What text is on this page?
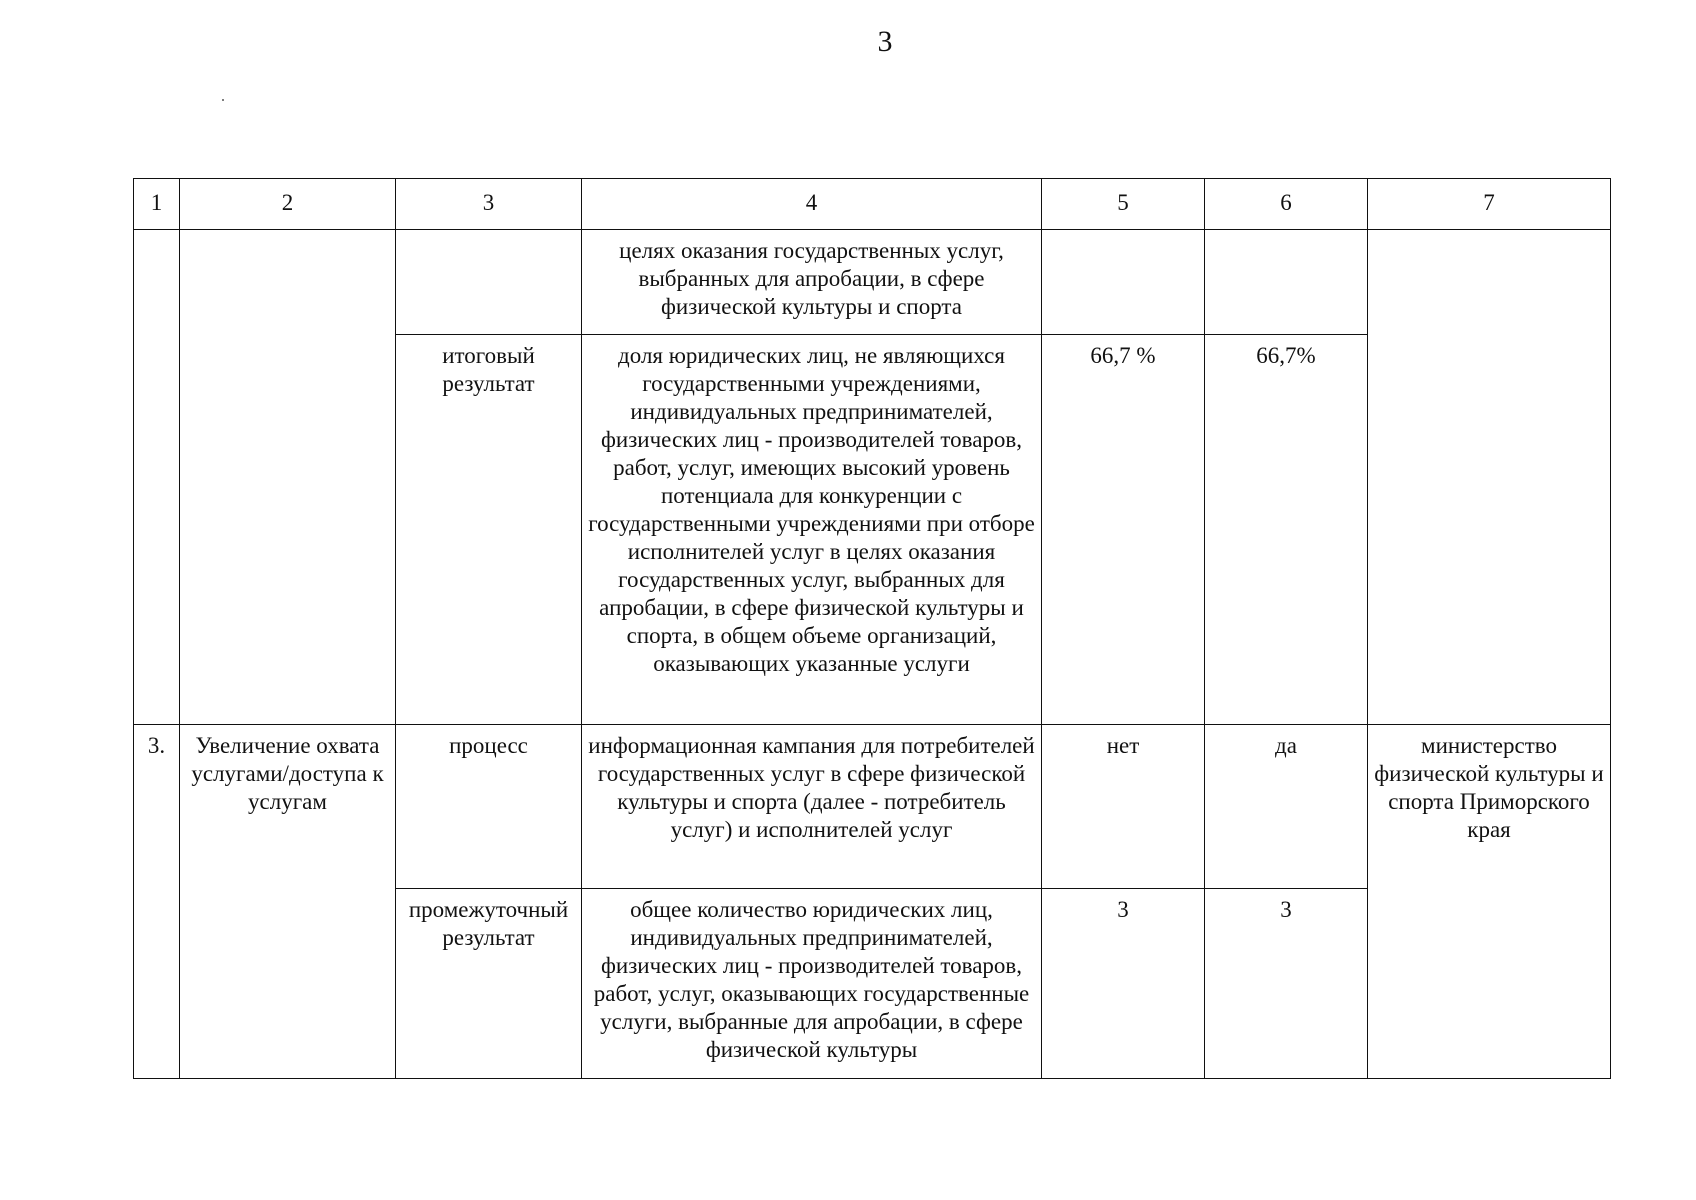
3
1	2	3	4	5	6	7
			целях оказания государственных услуг, выбранных для апробации, в сфере физической культуры и спорта			
		итоговый результат	доля юридических лиц, не являющихся государственными учреждениями, индивидуальных предпринимателей, физических лиц - производителей товаров, работ, услуг, имеющих высокий уровень потенциала для конкуренции с государственными учреждениями при отборе исполнителей услуг в целях оказания государственных услуг, выбранных для апробации, в сфере физической культуры и спорта, в общем объеме организаций, оказывающих указанные услуги	66,7 %	66,7%	
3.	Увеличение охвата услугами/доступа к услугам	процесс	информационная кампания для потребителей государственных услуг в сфере физической культуры и спорта (далее - потребитель услуг) и исполнителей услуг	нет	да	министерство физической культуры и спорта Приморского края
		промежуточный результат	общее количество юридических лиц, индивидуальных предпринимателей, физических лиц - производителей товаров, работ, услуг, оказывающих государственные услуги, выбранные для апробации, в сфере физической культуры	3	3	
